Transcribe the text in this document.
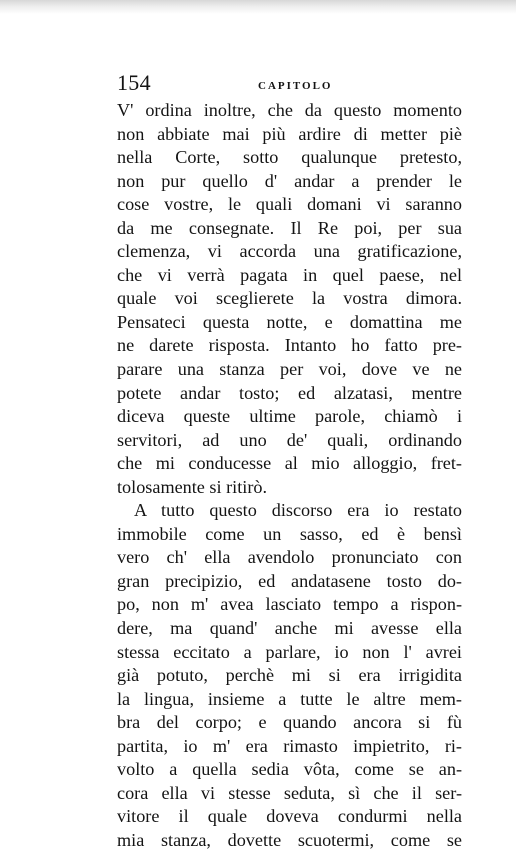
154	CAPITOLO
V' ordina inoltre, che da questo momento
non abbiate mai più ardire di metter piè
nella Corte, sotto qualunque pretesto,
non pur quello d' andar a prender le
cose vostre, le quali domani vi saranno
da me consegnate. Il Re poi, per sua
clemenza, vi accorda una gratificazione,
che vi verrà pagata in quel paese, nel
quale voi sceglierete la vostra dimora.
Pensateci questa notte, e domattina me
ne darete risposta. Intanto ho fatto pre-
parare una stanza per voi, dove ve ne
potete andar tosto; ed alzatasi, mentre
diceva queste ultime parole, chiamò i
servitori, ad uno de' quali, ordinando
che mi conducesse al mio alloggio, fret-
tolosamente si ritirò.
A tutto questo discorso era io restato
immobile come un sasso, ed è bensì
vero ch' ella avendolo pronunciato con
gran precipizio, ed andatasene tosto do-
po, non m' avea lasciato tempo a rispon-
dere, ma quand' anche mi avesse ella
stessa eccitato a parlare, io non l' avrei
già potuto, perchè mi si era irrigidita
la lingua, insieme a tutte le altre mem-
bra del corpo; e quando ancora si fù
partita, io m' era rimasto impietrito, ri-
volto a quella sedia vôta, come se an-
cora ella vi stesse seduta, sì che il ser-
vitore il quale doveva condurmi nella
mia stanza, dovette scuotermi, come se
